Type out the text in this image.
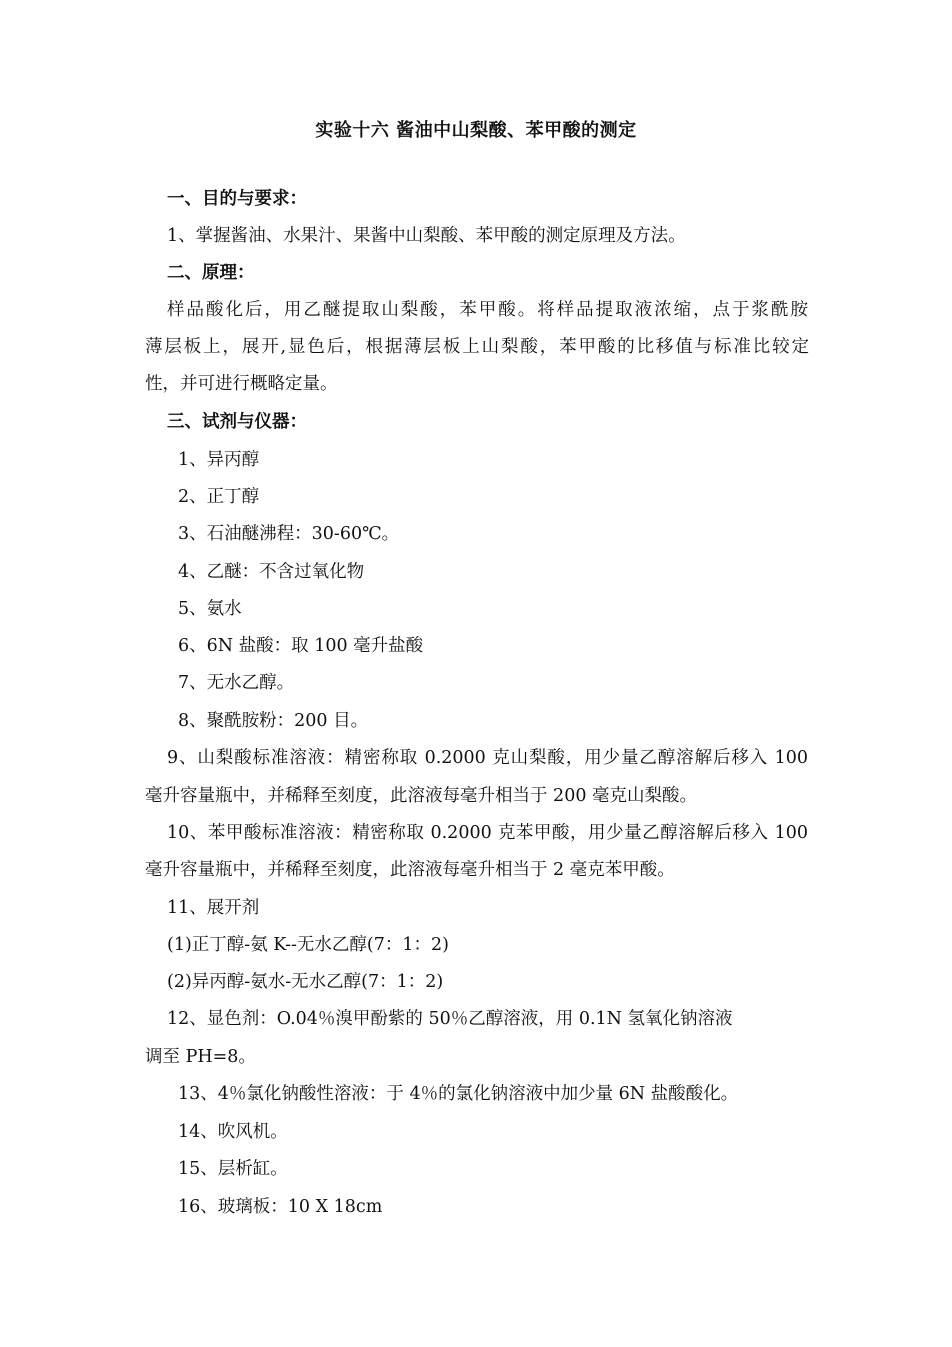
实验十六 酱油中山梨酸、苯甲酸的测定
一、目的与要求：
1、掌握酱油、水果汁、果酱中山梨酸、苯甲酸的测定原理及方法。
二、原理：
样品酸化后，用乙醚提取山梨酸，苯甲酸。将样品提取液浓缩，点于浆酰胺
薄层板上，展开,显色后，根据薄层板上山梨酸，苯甲酸的比移值与标准比较定
性，并可进行概略定量。
三、试剂与仪器：
1、异丙醇
2、正丁醇
3、石油醚沸程：30-60℃。
4、乙醚：不含过氧化物
5、氨水
6、6N 盐酸：取 100 毫升盐酸
7、无水乙醇。
8、聚酰胺粉：200 目。
9、山梨酸标准溶液：精密称取 0.2000 克山梨酸，用少量乙醇溶解后移入 100
毫升容量瓶中，并稀释至刻度，此溶液每毫升相当于 200 毫克山梨酸。
10、苯甲酸标准溶液：精密称取 0.2000 克苯甲酸，用少量乙醇溶解后移入 100
毫升容量瓶中，并稀释至刻度，此溶液每毫升相当于 2 毫克苯甲酸。
11、展开剂
(1)正丁醇-氨 K--无水乙醇(7：1：2)
(2)异丙醇-氨水-无水乙醇(7：1：2)
12、显色剂：O.04％溴甲酚紫的 50％乙醇溶液，用 0.1N 氢氧化钠溶液
调至 PH=8。
13、4％氯化钠酸性溶液：于 4％的氯化钠溶液中加少量 6N 盐酸酸化。
14、吹风机。
15、层析缸。
16、玻璃板：10 X 18cm
